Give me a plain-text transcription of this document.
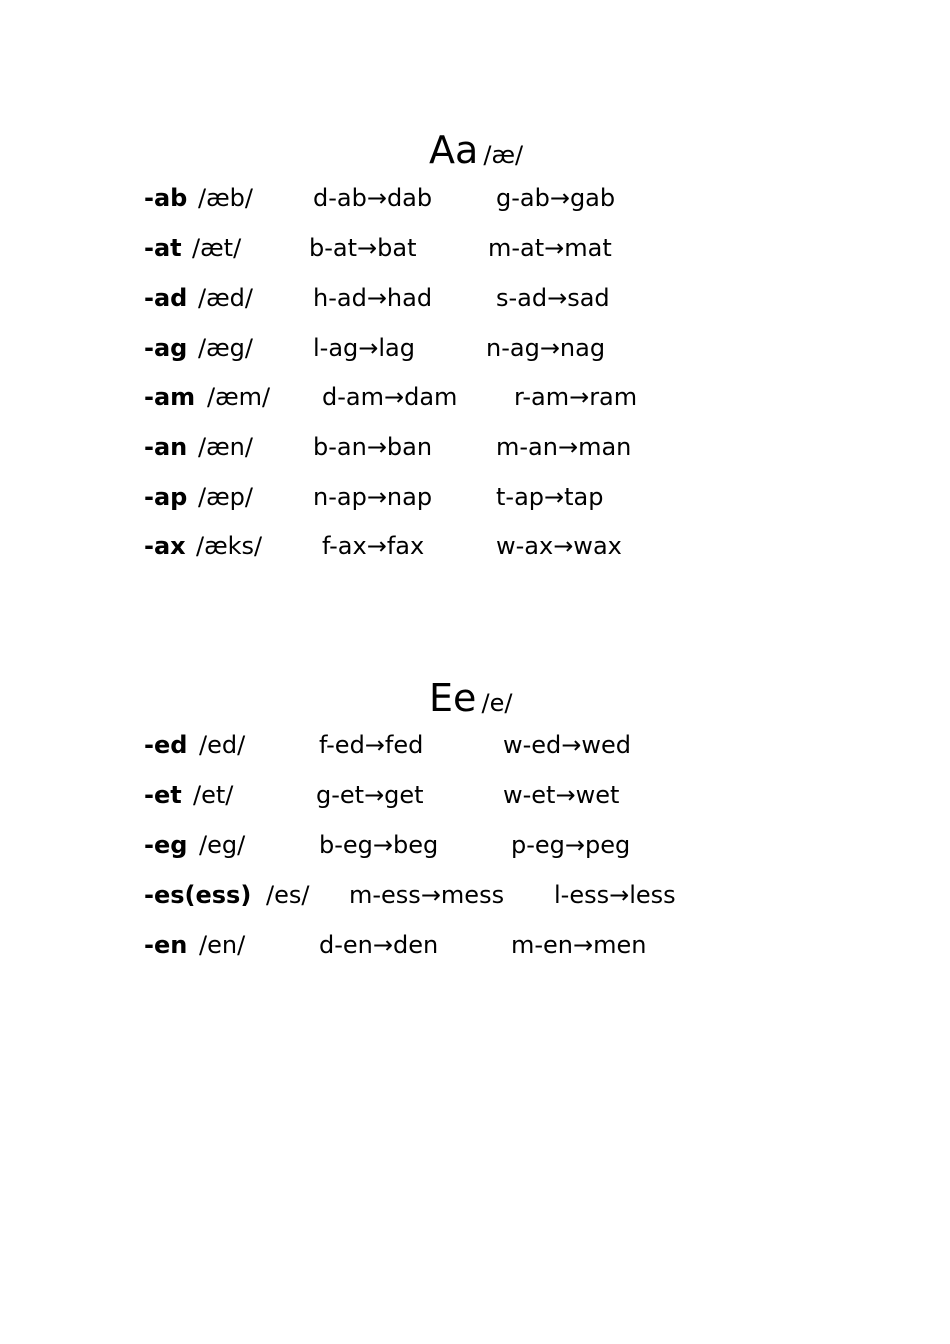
Aa /æ/
-ab /æb/	d-ab→dab	g-ab→gab
-at /æt/	b-at→bat	m-at→mat
-ad /æd/	h-ad→had	s-ad→sad
-ag /æg/	l-ag→lag	n-ag→nag
-am /æm/ d-am→dam r-am→ram
-an /æn/	b-an→ban	m-an→man
-ap /æp/	n-ap→nap	t-ap→tap
-ax /æks/ f-ax→fax	w-ax→wax
Ee /e/
-ed /ed/	f-ed→fed	w-ed→wed
-et /et/	g-et→get	w-et→wet
-eg /eg/	b-eg→beg	p-eg→peg
-es(ess) /es/ m-ess→mess l-ess→less
-en /en/	d-en→den	m-en→men
